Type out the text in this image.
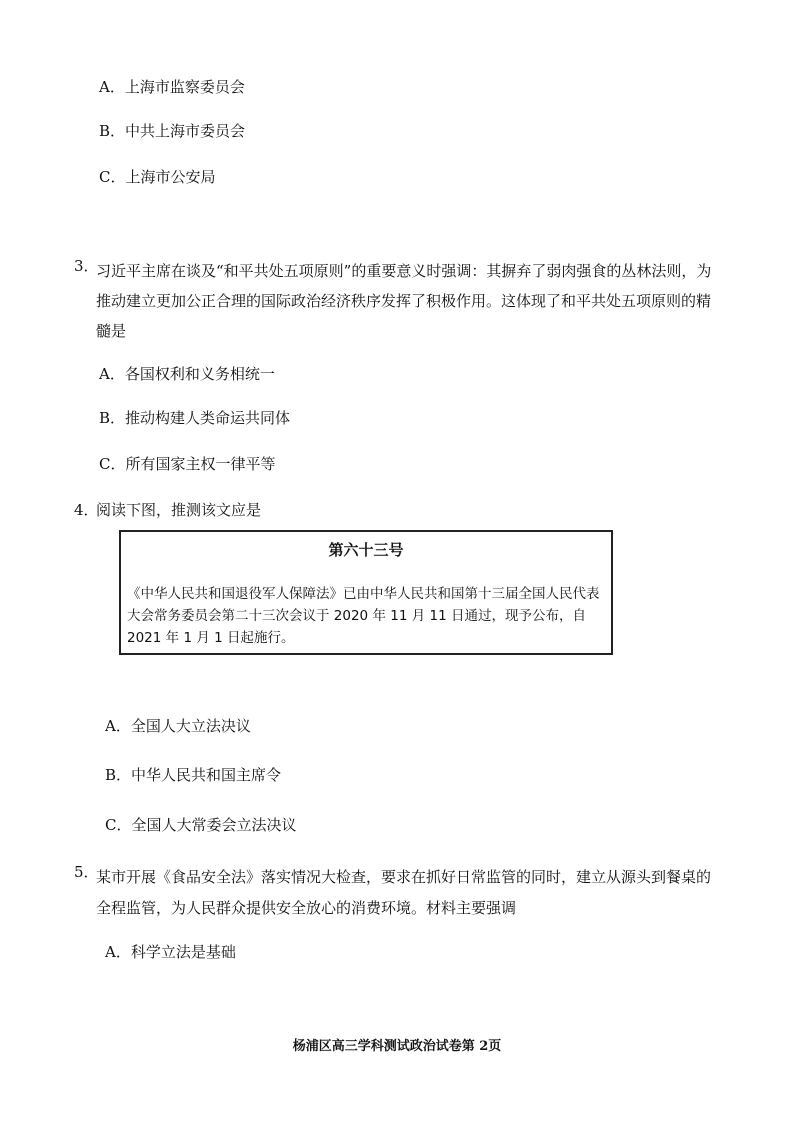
A．上海市监察委员会
B．中共上海市委员会
C．上海市公安局
3．
习近平主席在谈及“和平共处五项原则”的重要意义时强调：其摒弃了弱肉强食的丛林法则，为推动建立更加公正合理的国际政治经济秩序发挥了积极作用。这体现了和平共处五项原则的精髓是
A．各国权利和义务相统一
B．推动构建人类命运共同体
C．所有国家主权一律平等
4．
阅读下图，推测该文应是
第六十三号
《中华人民共和国退役军人保障法》已由中华人民共和国第十三届全国人民代表大会常务委员会第二十三次会议于 2020 年 11 月 11 日通过，现予公布，自 2021 年 1 月 1 日起施行。
A．全国人大立法决议
B．中华人民共和国主席令
C．全国人大常委会立法决议
5．
某市开展《食品安全法》落实情况大检查，要求在抓好日常监管的同时，建立从源头到餐桌的全程监管，为人民群众提供安全放心的消费环境。材料主要强调
A．科学立法是基础
杨浦区高三学科测试政治试卷第 2页
